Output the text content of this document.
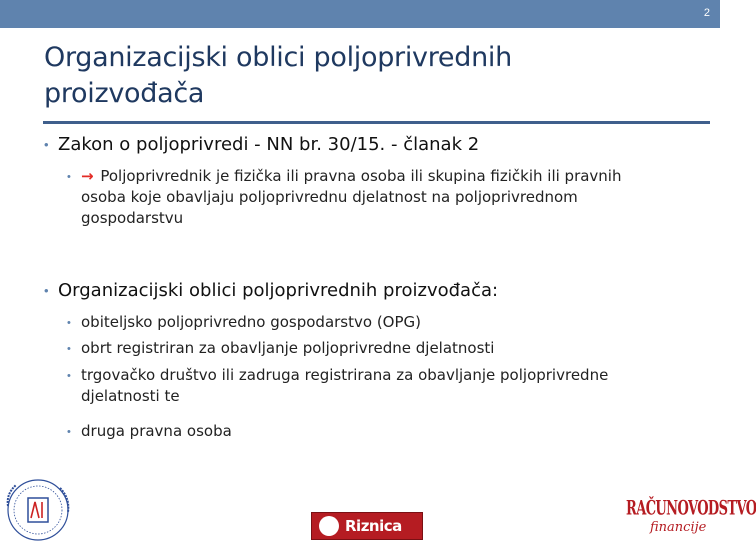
2
Organizacijski oblici poljoprivrednih
proizvođača
• Zakon o poljoprivredi - NN br. 30/15. - članak 2
• → Poljoprivrednik je fizička ili pravna osoba ili skupina fizičkih ili pravnih
osoba koje obavljaju poljoprivrednu djelatnost na poljoprivrednom
gospodarstvu
• Organizacijski oblici poljoprivrednih proizvođača:
• obiteljsko poljoprivredno gospodarstvo (OPG)
• obrt registriran za obavljanje poljoprivredne djelatnosti
• trgovačko društvo ili zadruga registrirana za obavljanje poljoprivredne
djelatnosti te
• druga pravna osoba
Riznica
RAČUNOVODSTVO
financije
